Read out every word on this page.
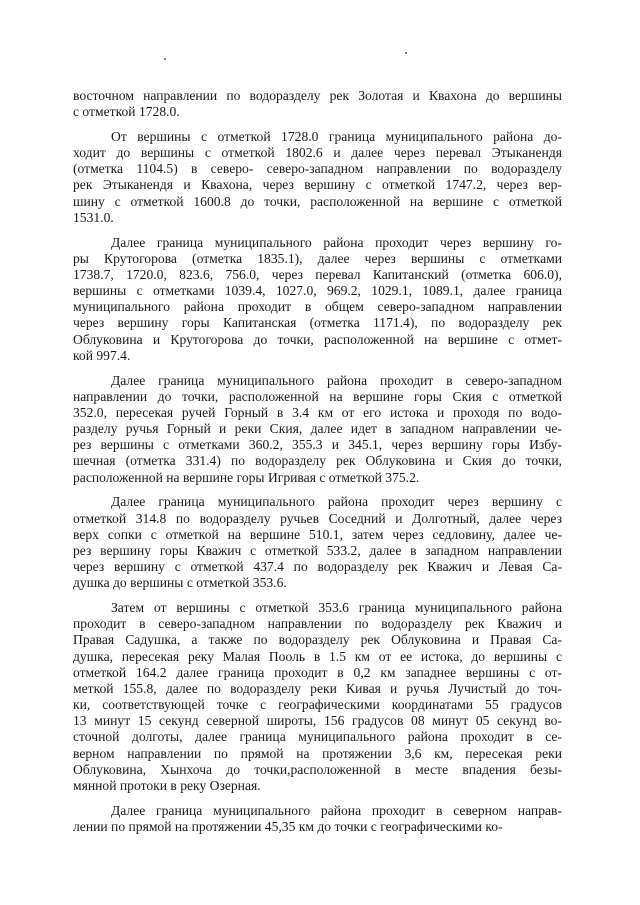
восточном направлении по водоразделу рек Золотая и Квахона до вершины
с отметкой 1728.0.
От вершины с отметкой 1728.0 граница муниципального района до-
ходит до вершины с отметкой 1802.6 и далее через перевал Этыканендя
(отметка 1104.5) в северо- северо-западном направлении по водоразделу
рек Этыканендя и Квахона, через вершину с отметкой 1747.2, через вер-
шину с отметкой 1600.8 до точки, расположенной на вершине с отметкой
1531.0.
Далее граница муниципального района проходит через вершину го-
ры Крутогорова (отметка 1835.1), далее через вершины с отметками
1738.7, 1720.0, 823.6, 756.0, через перевал Капитанский (отметка 606.0),
вершины с отметками 1039.4, 1027.0, 969.2, 1029.1, 1089.1, далее граница
муниципального района проходит в общем северо-западном направлении
через вершину горы Капитанская (отметка 1171.4), по водоразделу рек
Облуковина и Крутогорова до точки, расположенной на вершине с отмет-
кой 997.4.
Далее граница муниципального района проходит в северо-западном
направлении до точки, расположенной на вершине горы Ския с отметкой
352.0, пересекая ручей Горный в 3.4 км от его истока и проходя по водо-
разделу ручья Горный и реки Ския, далее идет в западном направлении че-
рез вершины с отметками 360.2, 355.3 и 345.1, через вершину горы Избу-
шечная (отметка 331.4) по водоразделу рек Облуковина и Ския до точки,
расположенной на вершине горы Игривая с отметкой 375.2.
Далее граница муниципального района проходит через вершину с
отметкой 314.8 по водоразделу ручьев Соседний и Долготный, далее через
верх сопки с отметкой на вершине 510.1, затем через седловину, далее че-
рез вершину горы Кважич с отметкой 533.2, далее в западном направлении
через вершину с отметкой 437.4 по водоразделу рек Кважич и Левая Са-
душка до вершины с отметкой 353.6.
Затем от вершины с отметкой 353.6 граница муниципального района
проходит в северо-западном направлении по водоразделу рек Кважич и
Правая Садушка, а также по водоразделу рек Облуковина и Правая Са-
душка, пересекая реку Малая Пооль в 1.5 км от ее истока, до вершины с
отметкой 164.2 далее граница проходит в 0,2 км западнее вершины с от-
меткой 155.8, далее по водоразделу реки Кивая и ручья Лучистый до точ-
ки, соответствующей точке с географическими координатами 55 градусов
13 минут 15 секунд северной широты, 156 градусов 08 минут 05 секунд во-
сточной долготы, далее граница муниципального района проходит в се-
верном направлении по прямой на протяжении 3,6 км, пересекая реки
Облуковина, Хынхоча до точки,расположенной в месте впадения безы-
мянной протоки в реку Озерная.
Далее граница муниципального района проходит в северном направ-
лении по прямой на протяжении 45,35 км до точки с географическими ко-
